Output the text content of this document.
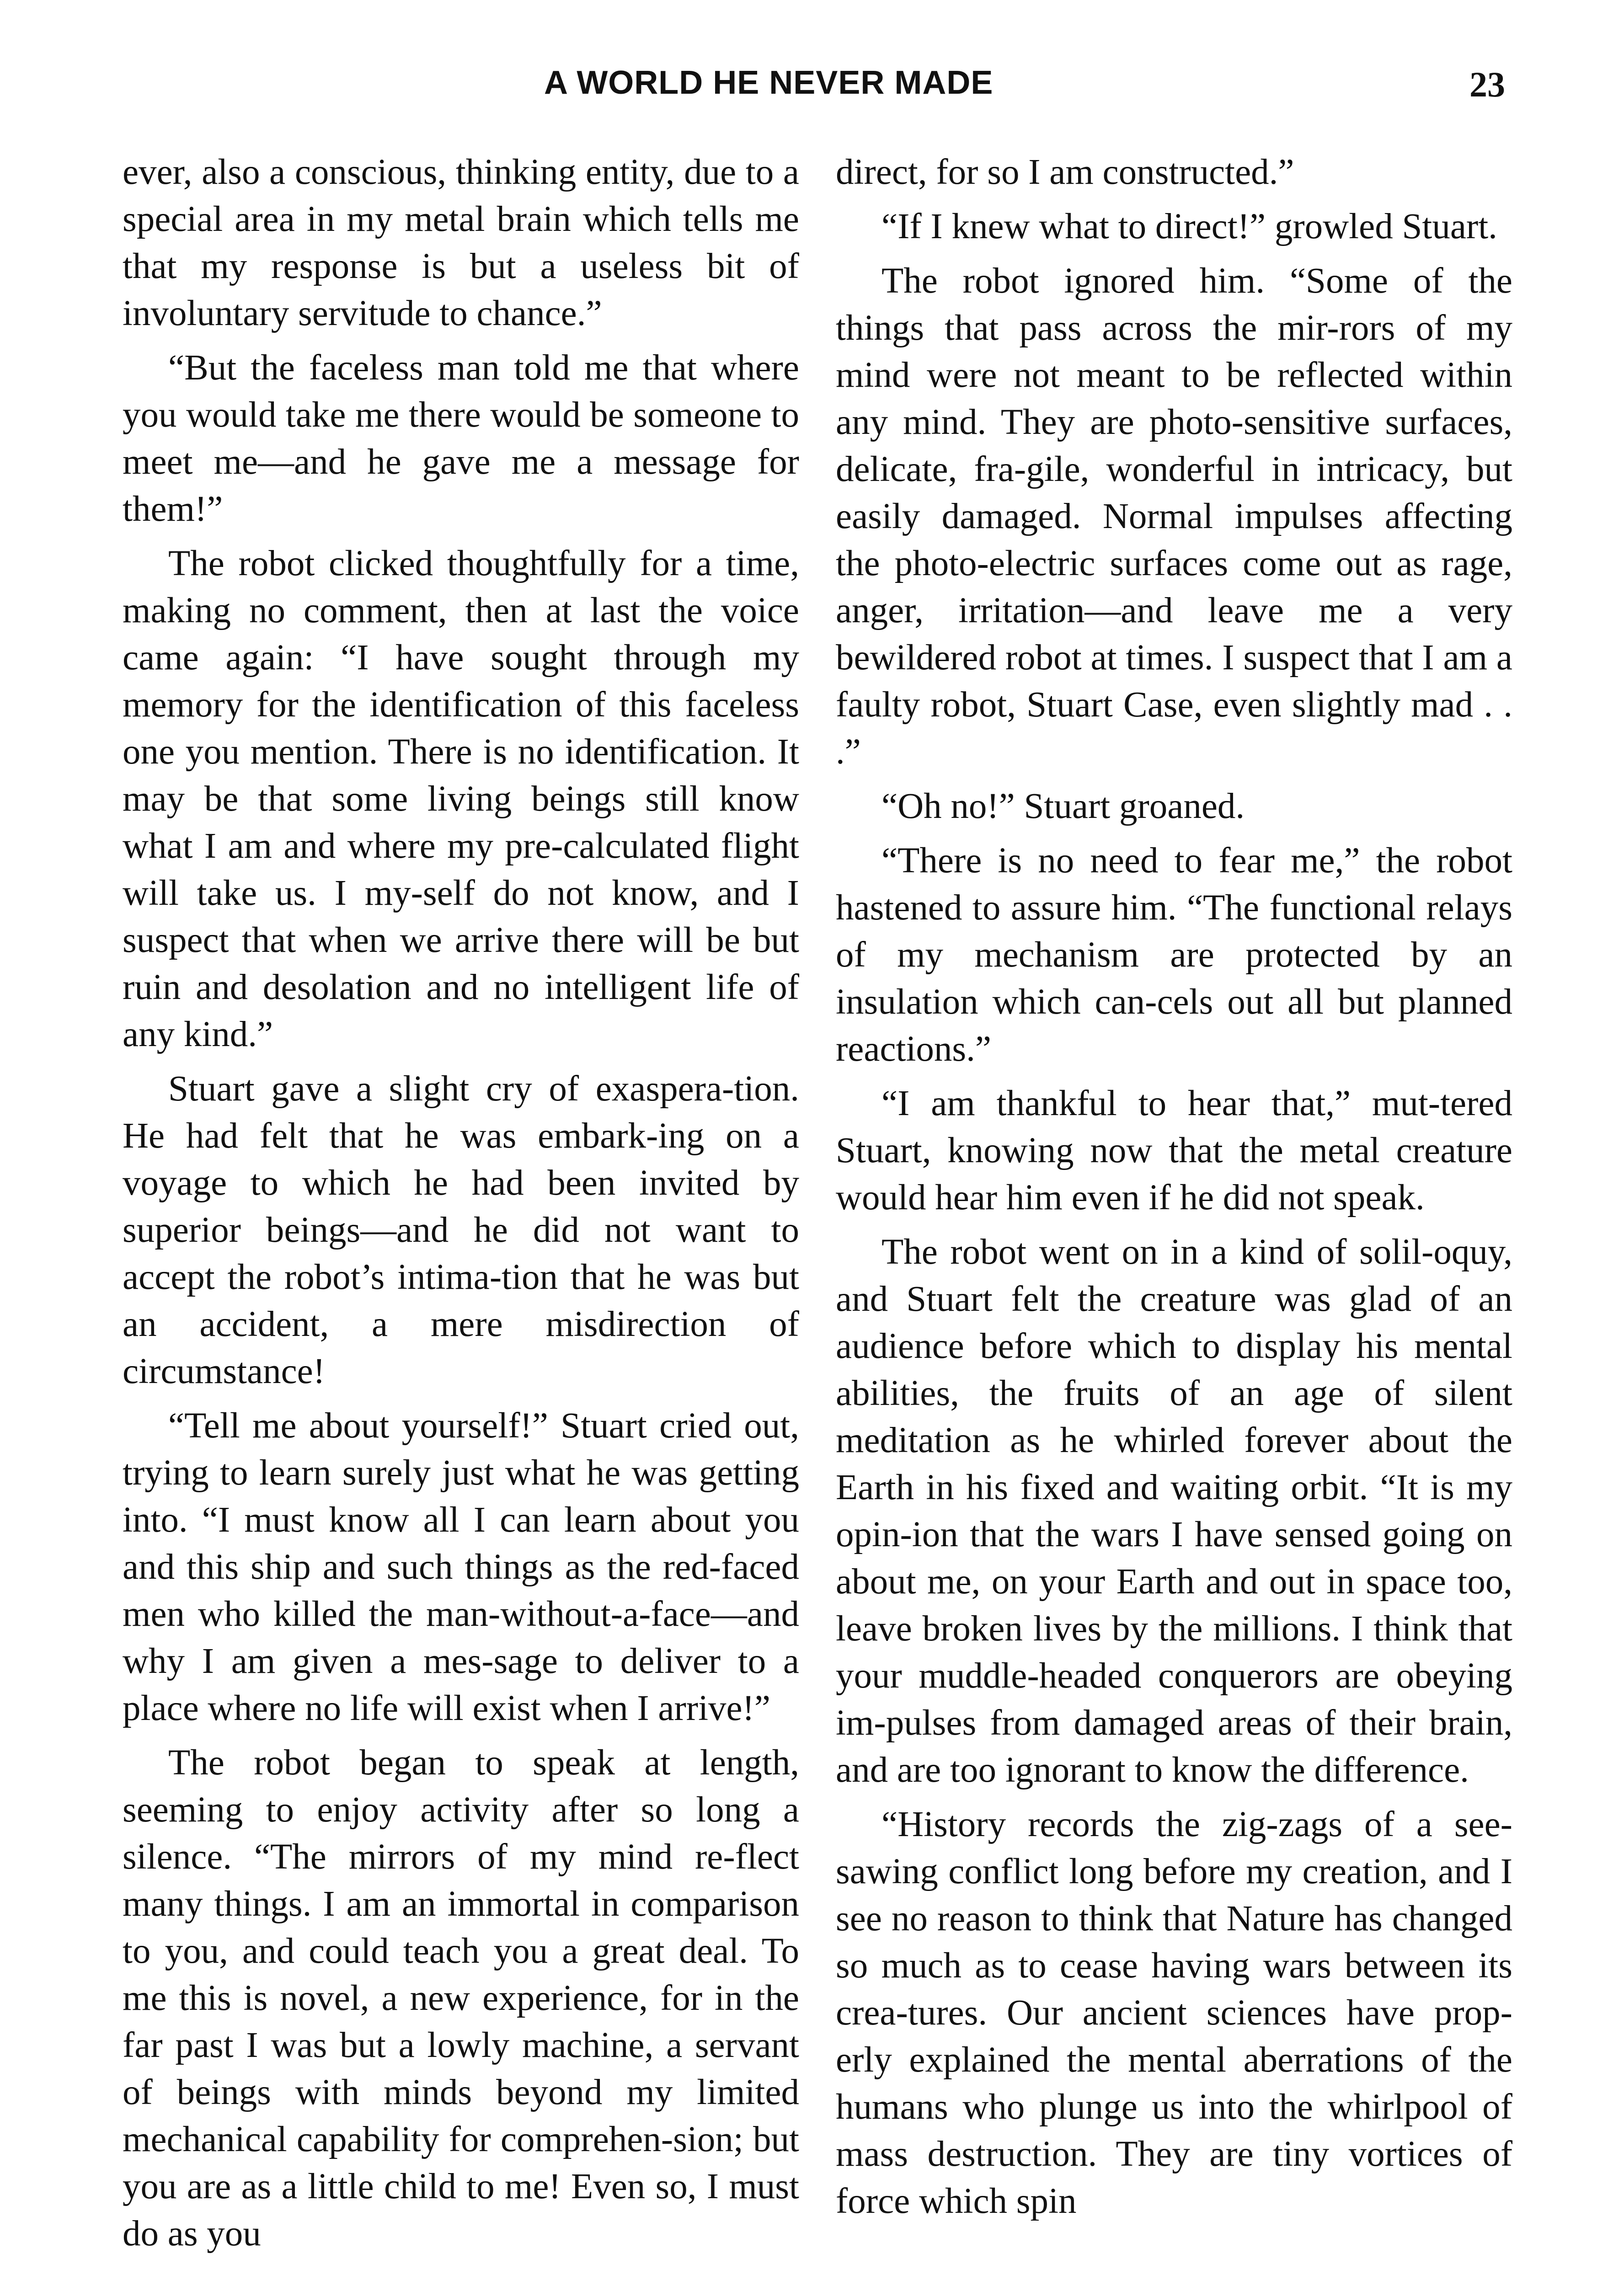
A WORLD HE NEVER MADE	23

ever, also a conscious, thinking entity, due to a special area in my metal brain which tells me that my response is but a useless bit of involuntary servitude to chance.”

“But the faceless man told me that where you would take me there would be someone to meet me—and he gave me a message for them!”

The robot clicked thoughtfully for a time, making no comment, then at last the voice came again: “I have sought through my memory for the identification of this faceless one you mention. There is no identification. It may be that some living beings still know what I am and where my pre-calculated flight will take us. I my-self do not know, and I suspect that when we arrive there will be but ruin and desolation and no intelligent life of any kind.”

Stuart gave a slight cry of exaspera-tion. He had felt that he was embark-ing on a voyage to which he had been invited by superior beings—and he did not want to accept the robot’s intima-tion that he was but an accident, a mere misdirection of circumstance!

“Tell me about yourself!” Stuart cried out, trying to learn surely just what he was getting into. “I must know all I can learn about you and this ship and such things as the red-faced men who killed the man-without-a-face—and why I am given a mes-sage to deliver to a place where no life will exist when I arrive!”

The robot began to speak at length, seeming to enjoy activity after so long a silence. “The mirrors of my mind re-flect many things. I am an immortal in comparison to you, and could teach you a great deal. To me this is novel, a new experience, for in the far past I was but a lowly machine, a servant of beings with minds beyond my limited mechanical capability for comprehen-sion; but you are as a little child to me! Even so, I must do as you

direct, for so I am constructed.”

“If I knew what to direct!” growled Stuart.

The robot ignored him. “Some of the things that pass across the mir-rors of my mind were not meant to be reflected within any mind. They are photo-sensitive surfaces, delicate, fra-gile, wonderful in intricacy, but easily damaged. Normal impulses affecting the photo-electric surfaces come out as rage, anger, irritation—and leave me a very bewildered robot at times. I suspect that I am a faulty robot, Stuart Case, even slightly mad . . .”

“Oh no!” Stuart groaned.

“There is no need to fear me,” the robot hastened to assure him. “The functional relays of my mechanism are protected by an insulation which can-cels out all but planned reactions.”

“I am thankful to hear that,” mut-tered Stuart, knowing now that the metal creature would hear him even if he did not speak.

The robot went on in a kind of solil-oquy, and Stuart felt the creature was glad of an audience before which to display his mental abilities, the fruits of an age of silent meditation as he whirled forever about the Earth in his fixed and waiting orbit. “It is my opin-ion that the wars I have sensed going on about me, on your Earth and out in space too, leave broken lives by the millions. I think that your muddle-headed conquerors are obeying im-pulses from damaged areas of their brain, and are too ignorant to know the difference.

“History records the zig-zags of a see-sawing conflict long before my creation, and I see no reason to think that Nature has changed so much as to cease having wars between its crea-tures. Our ancient sciences have prop-erly explained the mental aberrations of the humans who plunge us into the whirlpool of mass destruction. They are tiny vortices of force which spin
